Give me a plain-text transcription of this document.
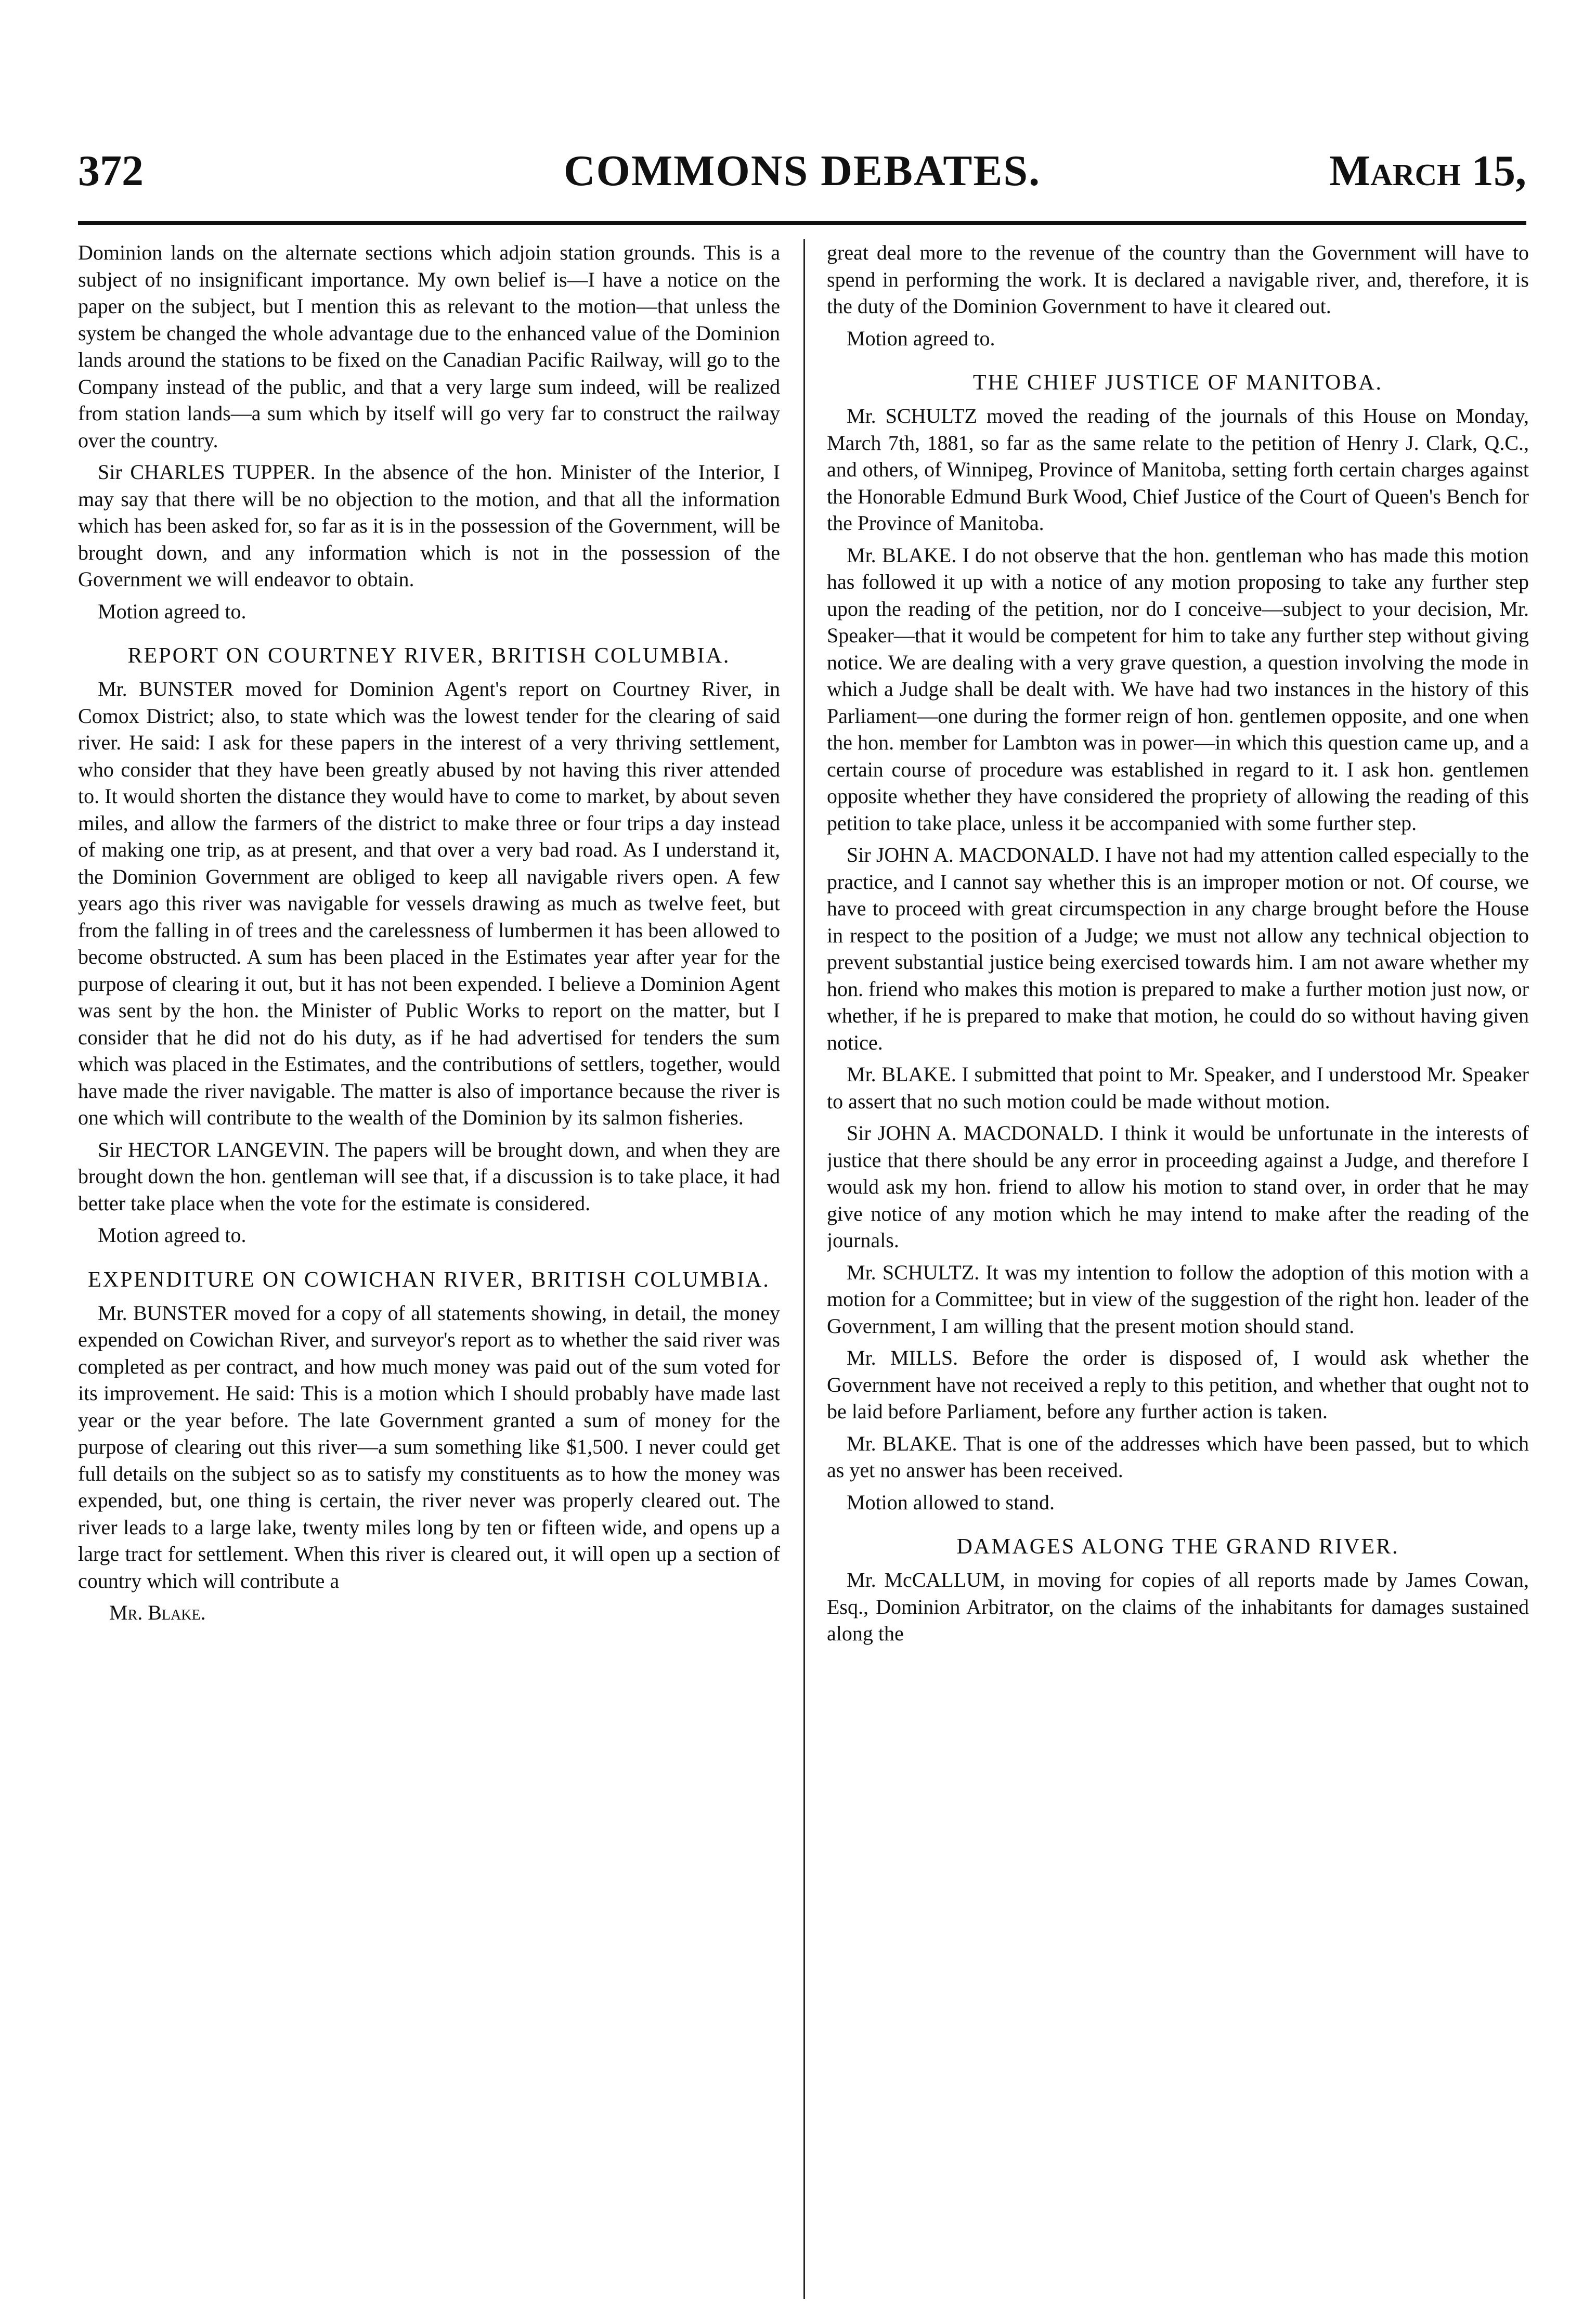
372	COMMONS DEBATES.	March 15,

Dominion lands on the alternate sections which adjoin station grounds. This is a subject of no insignificant importance. My own belief is—I have a notice on the paper on the subject, but I mention this as relevant to the motion—that unless the system be changed the whole advantage due to the enhanced value of the Dominion lands around the stations to be fixed on the Canadian Pacific Railway, will go to the Company instead of the public, and that a very large sum indeed, will be realized from station lands—a sum which by itself will go very far to construct the railway over the country.

Sir CHARLES TUPPER. In the absence of the hon. Minister of the Interior, I may say that there will be no objection to the motion, and that all the information which has been asked for, so far as it is in the possession of the Government, will be brought down, and any information which is not in the possession of the Government we will endeavor to obtain.

Motion agreed to.

REPORT ON COURTNEY RIVER, BRITISH COLUMBIA.

Mr. BUNSTER moved for Dominion Agent's report on Courtney River, in Comox District; also, to state which was the lowest tender for the clearing of said river. He said: I ask for these papers in the interest of a very thriving settlement, who consider that they have been greatly abused by not having this river attended to. It would shorten the distance they would have to come to market, by about seven miles, and allow the farmers of the district to make three or four trips a day instead of making one trip, as at present, and that over a very bad road. As I understand it, the Dominion Government are obliged to keep all navigable rivers open. A few years ago this river was navigable for vessels drawing as much as twelve feet, but from the falling in of trees and the carelessness of lumbermen it has been allowed to become obstructed. A sum has been placed in the Estimates year after year for the purpose of clearing it out, but it has not been expended. I believe a Dominion Agent was sent by the hon. the Minister of Public Works to report on the matter, but I consider that he did not do his duty, as if he had advertised for tenders the sum which was placed in the Estimates, and the contributions of settlers, together, would have made the river navigable. The matter is also of importance because the river is one which will contribute to the wealth of the Dominion by its salmon fisheries.

Sir HECTOR LANGEVIN. The papers will be brought down, and when they are brought down the hon. gentleman will see that, if a discussion is to take place, it had better take place when the vote for the estimate is considered.

Motion agreed to.

EXPENDITURE ON COWICHAN RIVER, BRITISH COLUMBIA.

Mr. BUNSTER moved for a copy of all statements showing, in detail, the money expended on Cowichan River, and surveyor's report as to whether the said river was completed as per contract, and how much money was paid out of the sum voted for its improvement. He said: This is a motion which I should probably have made last year or the year before. The late Government granted a sum of money for the purpose of clearing out this river—a sum something like $1,500. I never could get full details on the subject so as to satisfy my constituents as to how the money was expended, but, one thing is certain, the river never was properly cleared out. The river leads to a large lake, twenty miles long by ten or fifteen wide, and opens up a large tract for settlement. When this river is cleared out, it will open up a section of country which will contribute a

Mr. Blake.

great deal more to the revenue of the country than the Government will have to spend in performing the work. It is declared a navigable river, and, therefore, it is the duty of the Dominion Government to have it cleared out.

Motion agreed to.

THE CHIEF JUSTICE OF MANITOBA.

Mr. SCHULTZ moved the reading of the journals of this House on Monday, March 7th, 1881, so far as the same relate to the petition of Henry J. Clark, Q.C., and others, of Winnipeg, Province of Manitoba, setting forth certain charges against the Honorable Edmund Burk Wood, Chief Justice of the Court of Queen's Bench for the Province of Manitoba.

Mr. BLAKE. I do not observe that the hon. gentleman who has made this motion has followed it up with a notice of any motion proposing to take any further step upon the reading of the petition, nor do I conceive—subject to your decision, Mr. Speaker—that it would be competent for him to take any further step without giving notice. We are dealing with a very grave question, a question involving the mode in which a Judge shall be dealt with. We have had two instances in the history of this Parliament—one during the former reign of hon. gentlemen opposite, and one when the hon. member for Lambton was in power—in which this question came up, and a certain course of procedure was established in regard to it. I ask hon. gentlemen opposite whether they have considered the propriety of allowing the reading of this petition to take place, unless it be accompanied with some further step.

Sir JOHN A. MACDONALD. I have not had my attention called especially to the practice, and I cannot say whether this is an improper motion or not. Of course, we have to proceed with great circumspection in any charge brought before the House in respect to the position of a Judge; we must not allow any technical objection to prevent substantial justice being exercised towards him. I am not aware whether my hon. friend who makes this motion is prepared to make a further motion just now, or whether, if he is prepared to make that motion, he could do so without having given notice.

Mr. BLAKE. I submitted that point to Mr. Speaker, and I understood Mr. Speaker to assert that no such motion could be made without motion.

Sir JOHN A. MACDONALD. I think it would be unfortunate in the interests of justice that there should be any error in proceeding against a Judge, and therefore I would ask my hon. friend to allow his motion to stand over, in order that he may give notice of any motion which he may intend to make after the reading of the journals.

Mr. SCHULTZ. It was my intention to follow the adoption of this motion with a motion for a Committee; but in view of the suggestion of the right hon. leader of the Government, I am willing that the present motion should stand.

Mr. MILLS. Before the order is disposed of, I would ask whether the Government have not received a reply to this petition, and whether that ought not to be laid before Parliament, before any further action is taken.

Mr. BLAKE. That is one of the addresses which have been passed, but to which as yet no answer has been received.

Motion allowed to stand.

DAMAGES ALONG THE GRAND RIVER.

Mr. McCALLUM, in moving for copies of all reports made by James Cowan, Esq., Dominion Arbitrator, on the claims of the inhabitants for damages sustained along the
